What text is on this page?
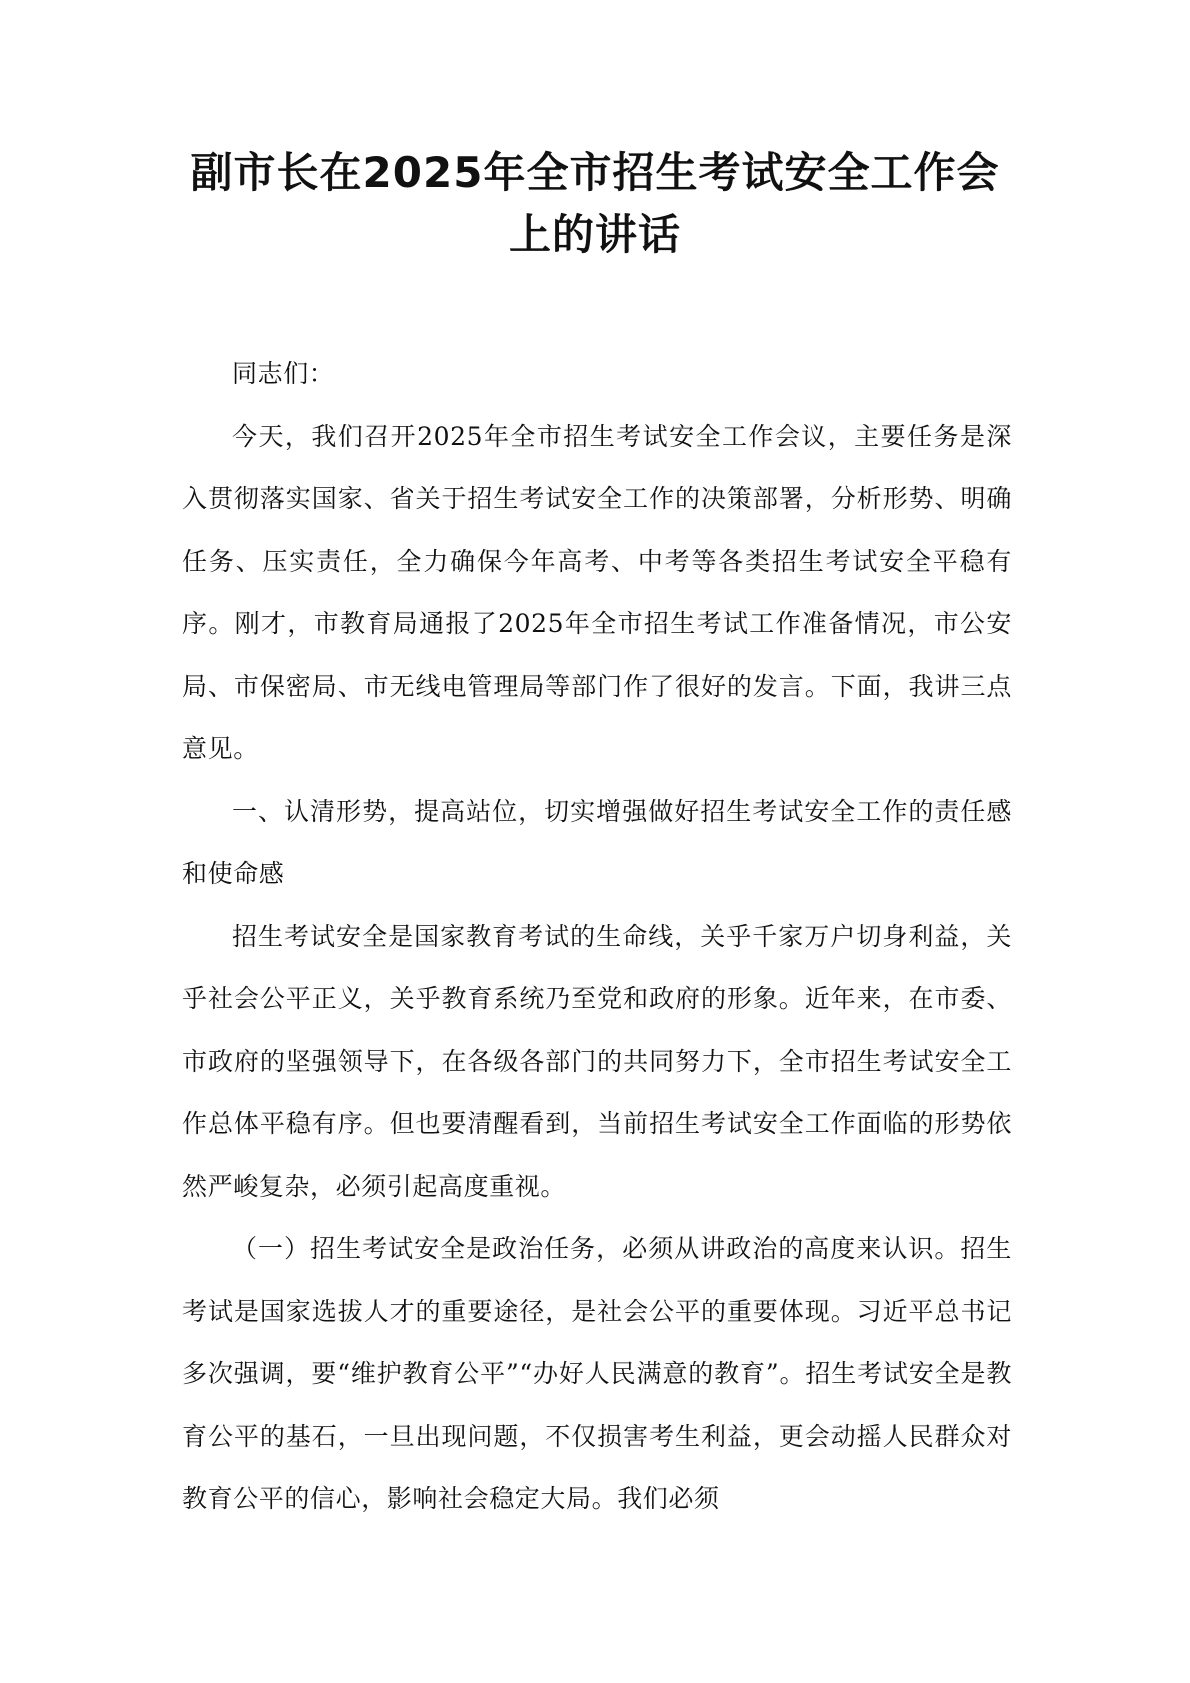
副市长在2025年全市招生考试安全工作会上的讲话

同志们：

今天，我们召开2025年全市招生考试安全工作会议，主要任务是深入贯彻落实国家、省关于招生考试安全工作的决策部署，分析形势、明确任务、压实责任，全力确保今年高考、中考等各类招生考试安全平稳有序。刚才，市教育局通报了2025年全市招生考试工作准备情况，市公安局、市保密局、市无线电管理局等部门作了很好的发言。下面，我讲三点意见。

一、认清形势，提高站位，切实增强做好招生考试安全工作的责任感和使命感

招生考试安全是国家教育考试的生命线，关乎千家万户切身利益，关乎社会公平正义，关乎教育系统乃至党和政府的形象。近年来，在市委、市政府的坚强领导下，在各级各部门的共同努力下，全市招生考试安全工作总体平稳有序。但也要清醒看到，当前招生考试安全工作面临的形势依然严峻复杂，必须引起高度重视。

（一）招生考试安全是政治任务，必须从讲政治的高度来认识。招生考试是国家选拔人才的重要途径，是社会公平的重要体现。习近平总书记多次强调，要“维护教育公平”“办好人民满意的教育”。招生考试安全是教育公平的基石，一旦出现问题，不仅损害考生利益，更会动摇人民群众对教育公平的信心，影响社会稳定大局。我们必须
